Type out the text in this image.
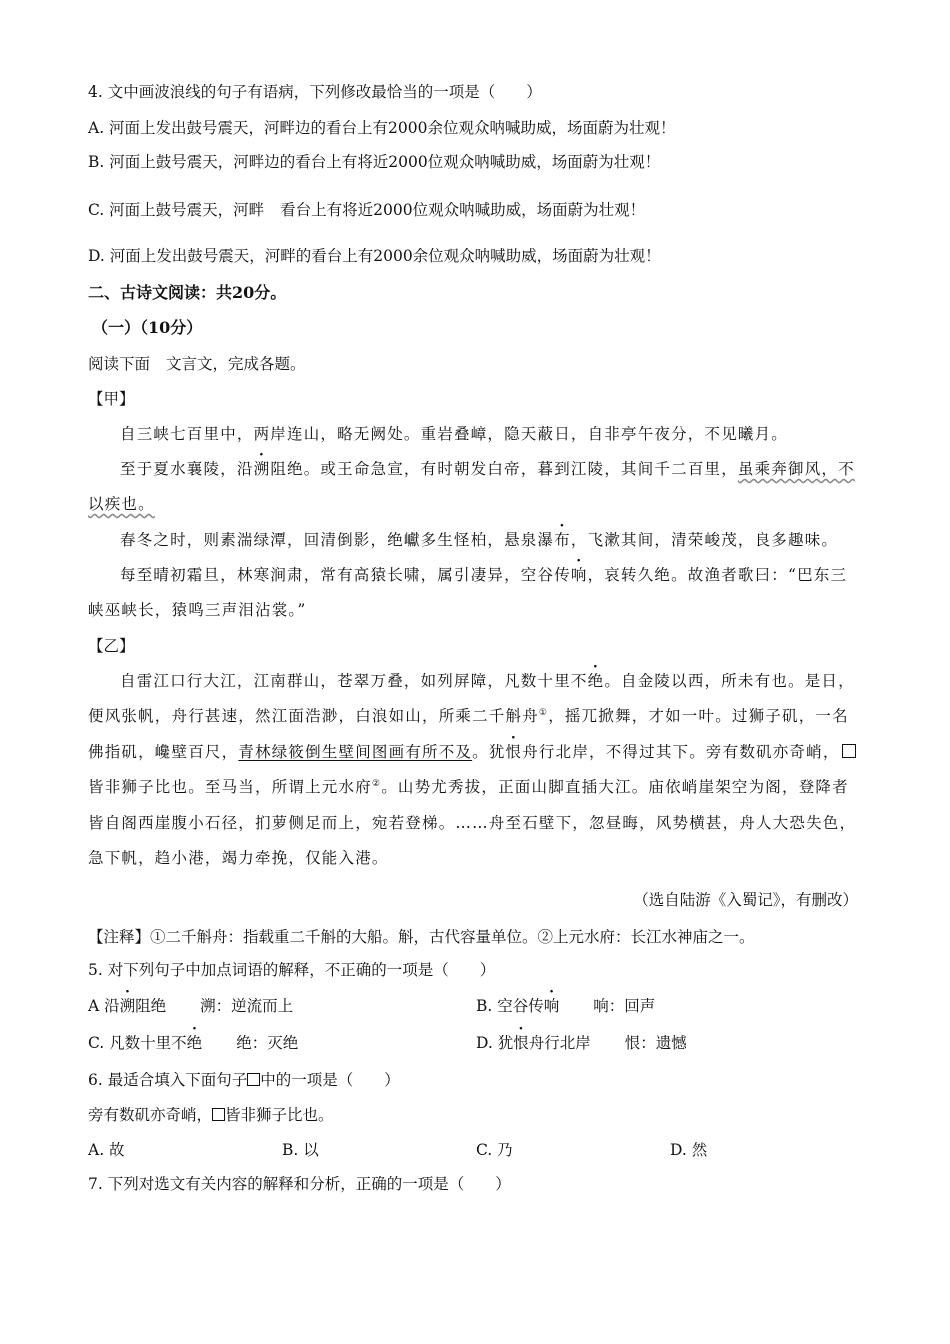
4. 文中画波浪线的句子有语病，下列修改最恰当的一项是（　　）
A. 河面上发出鼓号震天，河畔边的看台上有2000余位观众呐喊助威，场面蔚为壮观！
B. 河面上鼓号震天，河畔边的看台上有将近2000位观众呐喊助威，场面蔚为壮观！
C. 河面上鼓号震天，河畔 看台上有将近2000位观众呐喊助威，场面蔚为壮观！
D. 河面上发出鼓号震天，河畔的看台上有2000余位观众呐喊助威，场面蔚为壮观！
二、古诗文阅读：共20分。
（一）（10分）
阅读下面 文言文，完成各题。
【甲】
自三峡七百里中，两岸连山，略无阙处。重岩叠嶂，隐天蔽日，自非亭午夜分，不见曦月。
至于夏水襄陵，沿溯阻绝。或王命急宣，有时朝发白帝，暮到江陵，其间千二百里，虽乘奔御风，不
以疾也。
春冬之时，则素湍绿潭，回清倒影，绝巘多生怪柏，悬泉瀑布，飞漱其间，清荣峻茂，良多趣味。
每至晴初霜旦，林寒涧肃，常有高猿长啸，属引凄异，空谷传响，哀转久绝。故渔者歌曰：“巴东三
峡巫峡长，猿鸣三声泪沾裳。”
【乙】
自雷江口行大江，江南群山，苍翠万叠，如列屏障，凡数十里不绝。自金陵以西，所未有也。是日，
便风张帆，舟行甚速，然江面浩渺，白浪如山，所乘二千斛舟①，摇兀掀舞，才如一叶。过狮子矶，一名
佛指矶，巉壁百尺，青林绿筱倒生壁间图画有所不及。犹恨舟行北岸，不得过其下。旁有数矶亦奇峭，
皆非狮子比也。至马当，所谓上元水府②。山势尤秀拔，正面山脚直插大江。庙依峭崖架空为阁，登降者
皆自阁西崖腹小石径，扪萝侧足而上，宛若登梯。……舟至石壁下，忽昼晦，风势横甚，舟人大恐失色，
急下帆，趋小港，竭力牵挽，仅能入港。
（选自陆游《入蜀记》，有删改）
【注释】①二千斛舟：指载重二千斛的大船。斛，古代容量单位。②上元水府：长江水神庙之一。
5. 对下列句子中加点词语的解释，不正确的一项是（　　）
A 沿溯阻绝 溯：逆流而上	B. 空谷传响 响：回声
C. 凡数十里不绝 绝：灭绝	D. 犹恨舟行北岸 恨：遗憾
6. 最适合填入下面句子 中的一项是（　　）
旁有数矶亦奇峭， 皆非狮子比也。
A. 故	B. 以	C. 乃	D. 然
7. 下列对选文有关内容的解释和分析，正确的一项是（　　）
